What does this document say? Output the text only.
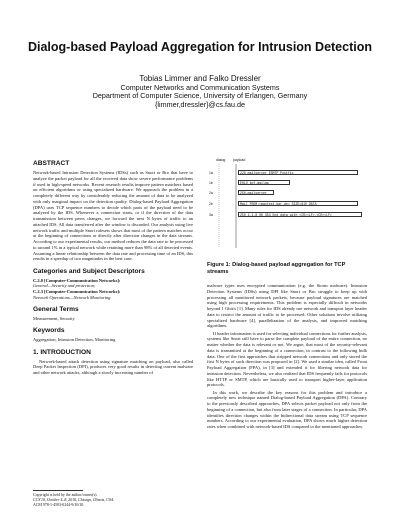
Dialog-based Payload Aggregation for Intrusion Detection
Tobias Limmer and Falko Dressler
Computer Networks and Communication Systems
Department of Computer Science, University of Erlangen, Germany
{limmer,dressler}@cs.fau.de
ABSTRACT

Network-based Intrusion Detection Systems (IDSs) such as Snort or Bro that have to analyze the packet payload for all the received data show severe performance problems if used in high-speed networks. Recent research results improve pattern matchers based on efficient algorithms or using specialized hardware. We approach the problem in a completely different way by considerably reducing the amount of data to be analyzed with only marginal impact on the detection quality. Dialog-based Payload Aggregation (DPA) uses TCP sequence numbers to decide which parts of the payload need to be analyzed by the IDS. Whenever a connection starts, or if the direction of the data transmission between peers changes, we forward the next N bytes of traffic to an attached IDS. All data transferred after the window is discarded. Our analysis using live network traffic and multiple Snort rulesets shows that most of the pattern matches occur at the beginning of connections or directly after direction changes in the data streams. According to our experimental results, our method reduces the data rate to be processed to around 1% in a typical network while retaining more than 98% of all detected events. Assuming a linear relationship between the data rate and processing time of an IDS, this results in a speedup of two magnitudes in the best case.

Categories and Subject Descriptors

C.2.0 [Computer-Communication Networks]:
General—Security and protection;

C.2.3 [Computer-Communication Networks]:
Network Operations—Network Monitoring

General Terms

Measurement, Security

Keywords

Aggregation, Intrusion Detection, Monitoring

1. INTRODUCTION

Network-based attack detection using signature matching on payload, also called Deep Packet Inspection (DPI), produces very good results in detecting current malware and other network attacks, although a slowly increasing number of

Copyright is held by the author/owner(s).
CCS'10, October 4–8, 2010, Chicago, Illinois, USA.
ACM 978-1-4503-0244-9/10/10.
dialog payload
1a	220 mailserver ESMTP Postfix
1b	EHLO kgf-mailgw
2a	250-mailserver
2b	Mail FROM:<maxtest.bar.de> SIZE=810 DATA
3a	250 2.1.0 OK 354 End data with <CR><LF>.<CR><LF>
Figure 1: Dialog-based payload aggregation for TCP streams

malware types uses encrypted communication (e.g. the Storm malware). Intrusion Detection Systems (IDSs) using DPI like Snort or Bro struggle to keep up with processing all monitored network packets, because payload signatures are matched using high processing requirements. This problem is especially difficult in networks beyond 1 Gbit/s [1]. Many rules for IDS already use network and transport layer header data to restrict the amount of traffic to be processed. Other solutions involve utilizing specialized hardware [4], parallelization of the analysis, and improved matching algorithms.

If header information is used for selecting individual connections for further analysis, systems like Snort still have to parse the complete payload of the entire connection, no matter whether the data is relevant or not. We argue, that most of the security-relevant data is transmitted at the beginning of a connection, in contrast to the following bulk data. One of the first approaches that stripped network connections and only stored the first N bytes of such direction was proposed in [2]. We used a similar idea, called Front Payload Aggregation (FPA), in [3] and extended it for filtering network data for intrusion detection. Nevertheless, we also realized that IDS frequently fails for protocols like HTTP or SMTP, which are basically used to transport higher-layer application protocols.

In this work, we describe the key reasons for this problem and introduce a completely new technique named Dialog-based Payload Aggregation (DPA). Contrary to the previously described approaches, DPA selects packet payload not only from the beginning of a connection, but also from later stages of a connection. In particular, DPA identifies direction changes within the bidirectional data stream using TCP sequence numbers. According to our experimental evaluation, DPA shows much higher detection rates when combined with network-based IDS compared to the mentioned approaches.
